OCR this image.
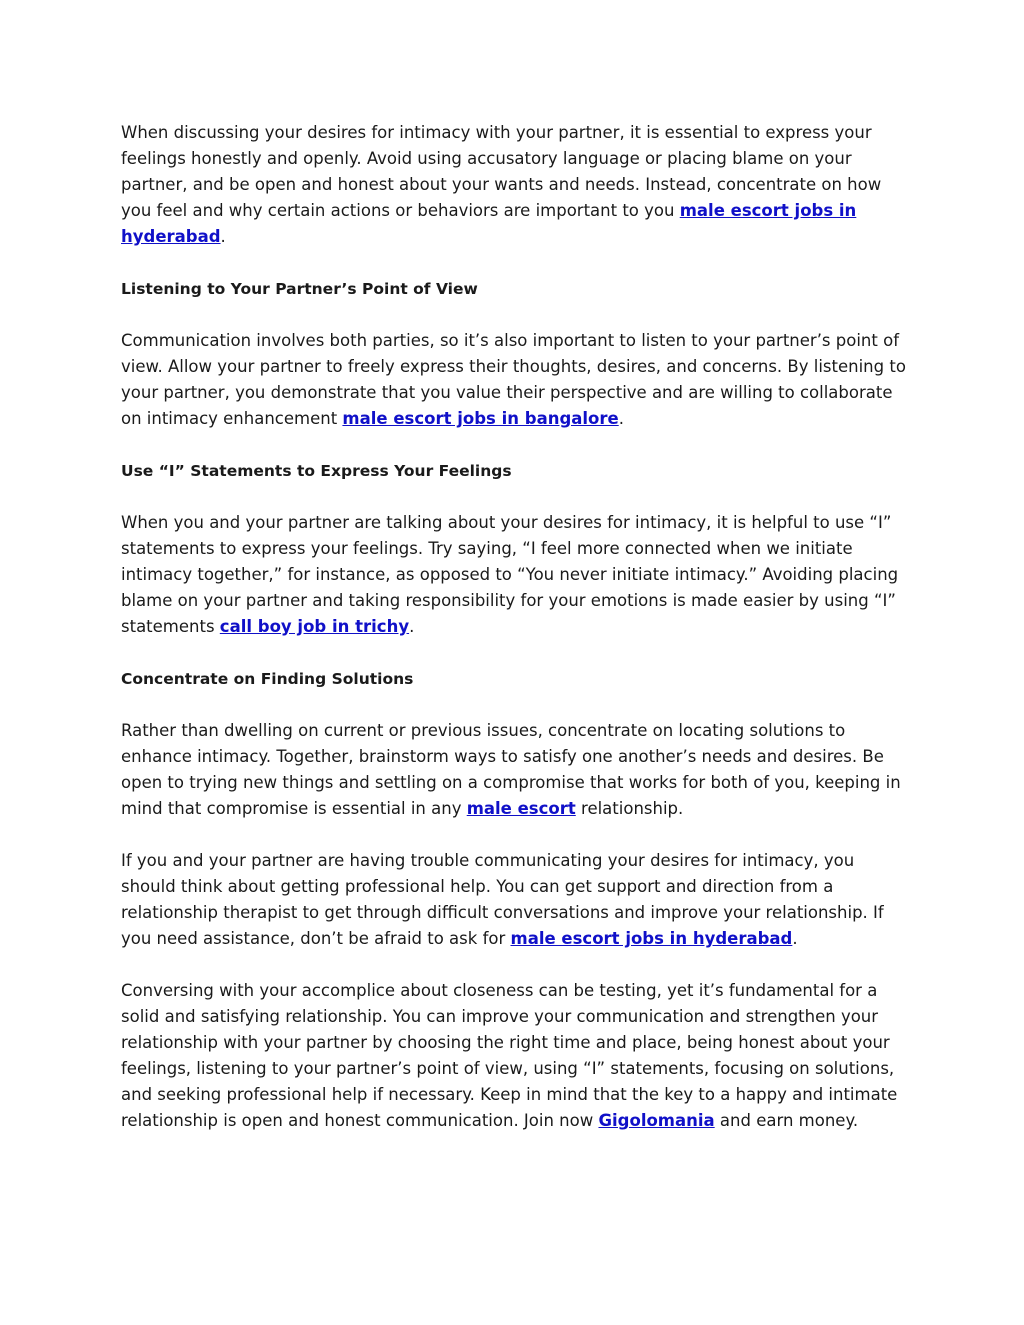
When discussing your desires for intimacy with your partner, it is essential to express your feelings honestly and openly. Avoid using accusatory language or placing blame on your partner, and be open and honest about your wants and needs. Instead, concentrate on how you feel and why certain actions or behaviors are important to you male escort jobs in hyderabad.

Listening to Your Partner’s Point of View

Communication involves both parties, so it’s also important to listen to your partner’s point of view. Allow your partner to freely express their thoughts, desires, and concerns. By listening to your partner, you demonstrate that you value their perspective and are willing to collaborate on intimacy enhancement male escort jobs in bangalore.

Use “I” Statements to Express Your Feelings

When you and your partner are talking about your desires for intimacy, it is helpful to use “I” statements to express your feelings. Try saying, “I feel more connected when we initiate intimacy together,” for instance, as opposed to “You never initiate intimacy.” Avoiding placing blame on your partner and taking responsibility for your emotions is made easier by using “I” statements call boy job in trichy.

Concentrate on Finding Solutions

Rather than dwelling on current or previous issues, concentrate on locating solutions to enhance intimacy. Together, brainstorm ways to satisfy one another’s needs and desires. Be open to trying new things and settling on a compromise that works for both of you, keeping in mind that compromise is essential in any male escort relationship.

If you and your partner are having trouble communicating your desires for intimacy, you should think about getting professional help. You can get support and direction from a relationship therapist to get through difficult conversations and improve your relationship. If you need assistance, don’t be afraid to ask for male escort jobs in hyderabad.

Conversing with your accomplice about closeness can be testing, yet it’s fundamental for a solid and satisfying relationship. You can improve your communication and strengthen your relationship with your partner by choosing the right time and place, being honest about your feelings, listening to your partner’s point of view, using “I” statements, focusing on solutions, and seeking professional help if necessary. Keep in mind that the key to a happy and intimate relationship is open and honest communication. Join now Gigolomania and earn money.
